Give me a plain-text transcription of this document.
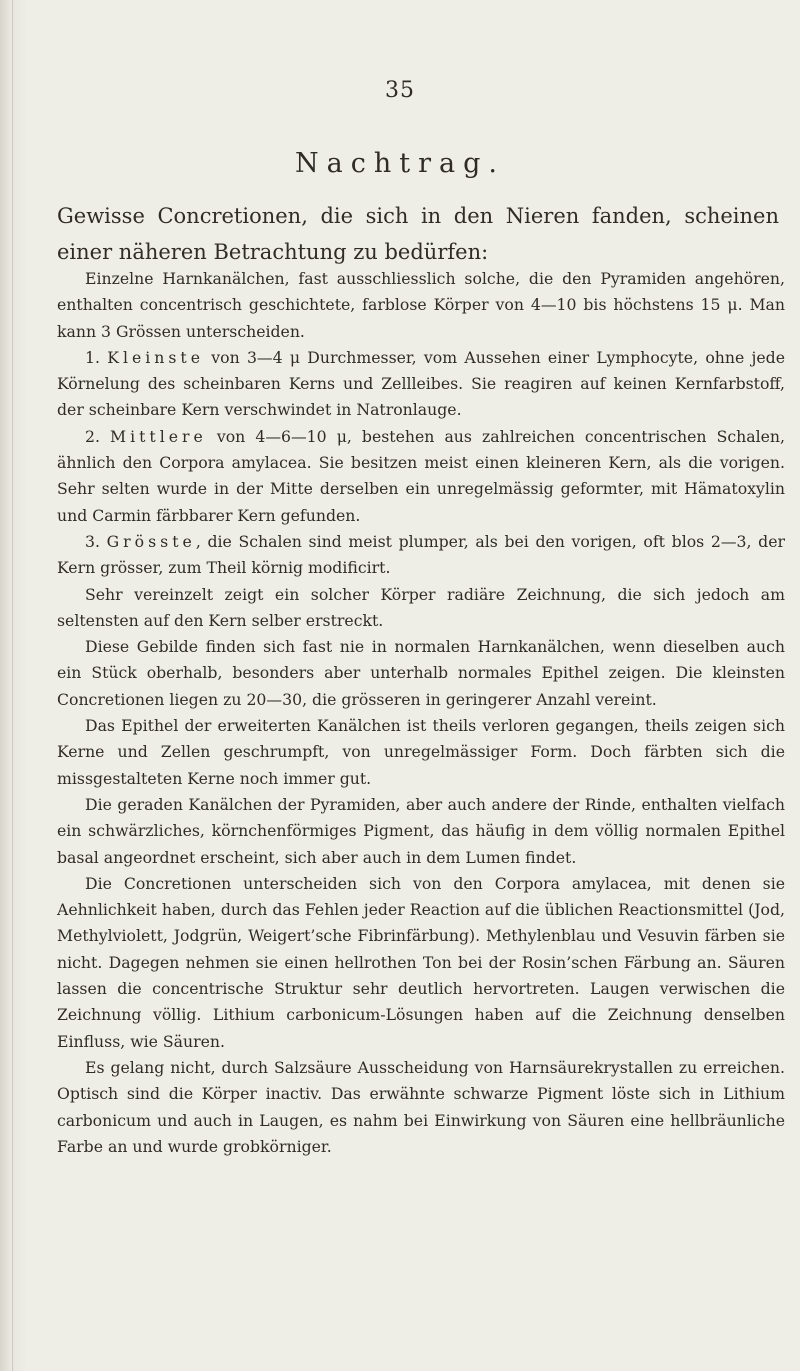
35
Nachtrag.

Gewisse Concretionen, die sich in den Nieren fanden, scheinen einer näheren Betrachtung zu bedürfen:

Einzelne Harnkanälchen, fast ausschliesslich solche, die den Pyramiden angehören, enthalten concentrisch geschichtete, farblose Körper von 4—10 bis höchstens 15 μ. Man kann 3 Grössen unterscheiden.

1. Kleinste von 3—4 μ Durchmesser, vom Aussehen einer Lymphocyte, ohne jede Körnelung des scheinbaren Kerns und Zellleibes. Sie reagiren auf keinen Kernfarbstoff, der scheinbare Kern verschwindet in Natronlauge.

2. Mittlere von 4—6—10 μ, bestehen aus zahlreichen concentrischen Schalen, ähnlich den Corpora amylacea. Sie besitzen meist einen kleineren Kern, als die vorigen. Sehr selten wurde in der Mitte derselben ein unregelmässig geformter, mit Hämatoxylin und Carmin färbbarer Kern gefunden.

3. Grösste, die Schalen sind meist plumper, als bei den vorigen, oft blos 2—3, der Kern grösser, zum Theil körnig modificirt.

Sehr vereinzelt zeigt ein solcher Körper radiäre Zeichnung, die sich jedoch am seltensten auf den Kern selber erstreckt.

Diese Gebilde finden sich fast nie in normalen Harnkanälchen, wenn dieselben auch ein Stück oberhalb, besonders aber unterhalb normales Epithel zeigen. Die kleinsten Concretionen liegen zu 20—30, die grösseren in geringerer Anzahl vereint.

Das Epithel der erweiterten Kanälchen ist theils verloren gegangen, theils zeigen sich Kerne und Zellen geschrumpft, von unregelmässiger Form. Doch färbten sich die missgestalteten Kerne noch immer gut.

Die geraden Kanälchen der Pyramiden, aber auch andere der Rinde, enthalten vielfach ein schwärzliches, körnchenförmiges Pigment, das häufig in dem völlig normalen Epithel basal angeordnet erscheint, sich aber auch in dem Lumen findet.

Die Concretionen unterscheiden sich von den Corpora amylacea, mit denen sie Aehnlichkeit haben, durch das Fehlen jeder Reaction auf die üblichen Reactionsmittel (Jod, Methylviolett, Jodgrün, Weigert’sche Fibrinfärbung). Methylenblau und Vesuvin färben sie nicht. Dagegen nehmen sie einen hellrothen Ton bei der Rosin’schen Färbung an. Säuren lassen die concentrische Struktur sehr deutlich hervortreten. Laugen verwischen die Zeichnung völlig. Lithium carbonicum-Lösungen haben auf die Zeichnung denselben Einfluss, wie Säuren.

Es gelang nicht, durch Salzsäure Ausscheidung von Harnsäurekrystallen zu erreichen. Optisch sind die Körper inactiv. Das erwähnte schwarze Pigment löste sich in Lithium carbonicum und auch in Laugen, es nahm bei Einwirkung von Säuren eine hellbräunliche Farbe an und wurde grobkörniger.
